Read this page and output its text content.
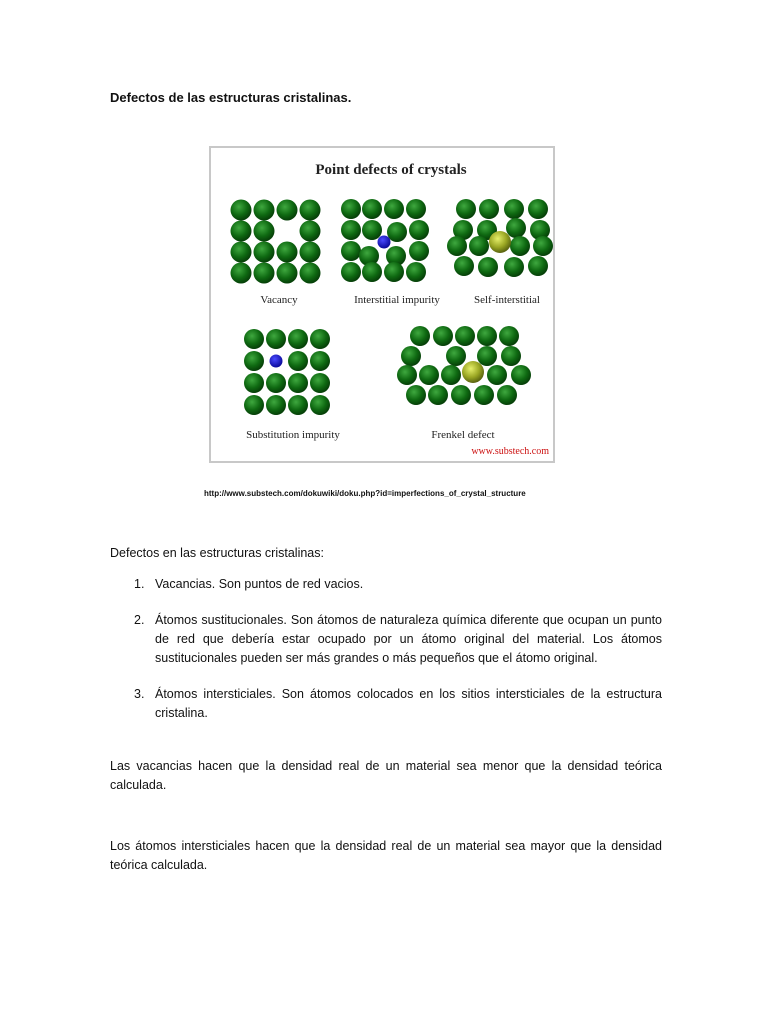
Defectos de las estructuras cristalinas.
Point defects of crystals
Vacancy	Interstitial impurity	Self-interstitial
Substitution impurity	Frenkel defect
www.substech.com
http://www.substech.com/dokuwiki/doku.php?id=imperfections_of_crystal_structure
Defectos en las estructuras cristalinas:
1. Vacancias. Son puntos de red vacios.
2. Átomos sustitucionales. Son átomos de naturaleza química diferente que ocupan un punto de red que debería estar ocupado por un átomo original del material. Los átomos sustitucionales pueden ser más grandes o más pequeños que el átomo original.
3. Átomos intersticiales. Son átomos colocados en los sitios intersticiales de la estructura cristalina.

Las vacancias hacen que la densidad real de un material sea menor que la densidad teórica calculada.

Los átomos intersticiales hacen que la densidad real de un material sea mayor que la densidad teórica calculada.
